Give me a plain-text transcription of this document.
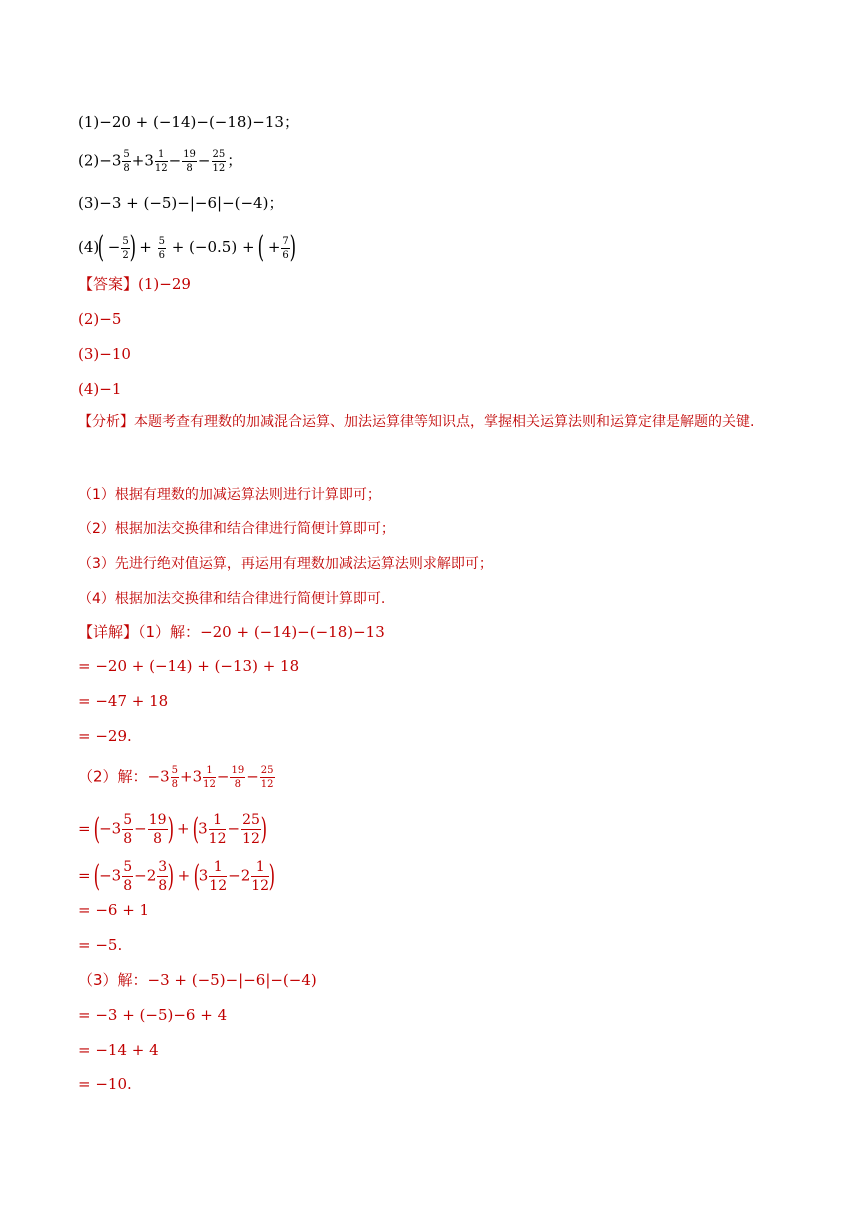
(1)−20 + (−14)−(−18)−13；
$(2)-3 \frac{5}{8} +3 \frac{1}{12} - \frac{19}{8} - \frac{25}{12}$ ；
(3)−3 + (−5)−|−6|−(−4)；
$(4)( - \frac{5}{2}$ ) + $\frac{5}{6} + (-0.5)$ + ( + $\frac{7}{6}$ )
【答案】(1)−29
(2)−5
(3)−10
(4)−1
【分析】本题考查有理数的加减混合运算、加法运算律等知识点，掌握相关运算法则和运算定律是解题的关键.
（1）根据有理数的加减运算法则进行计算即可；
（2）根据加法交换律和结合律进行简便计算即可；
（3）先进行绝对值运算，再运用有理数加减法运算法则求解即可；
（4）根据加法交换律和结合律进行简便计算即可.
【详解】（1）解：−20 + (−14)−(−18)−13
= −20 + (−14) + (−13) + 18
= −47 + 18
= −29.
（2）解：$-3 \frac{5}{8} +3 \frac{1}{12} - \frac{19}{8} - \frac{25}{12}$
= ($-3 \frac{5}{8} - \frac{19}{8}$ ) + ($3 \frac{1}{12} - \frac{25}{12}$ )
= ($-3 \frac{5}{8} -2 \frac{3}{8}$ ) + ($3 \frac{1}{12} -2 \frac{1}{12}$ )
= −6 + 1
= −5.
（3）解：−3 + (−5)−|−6|−(−4)
= −3 + (−5)−6 + 4
= −14 + 4
= −10.
